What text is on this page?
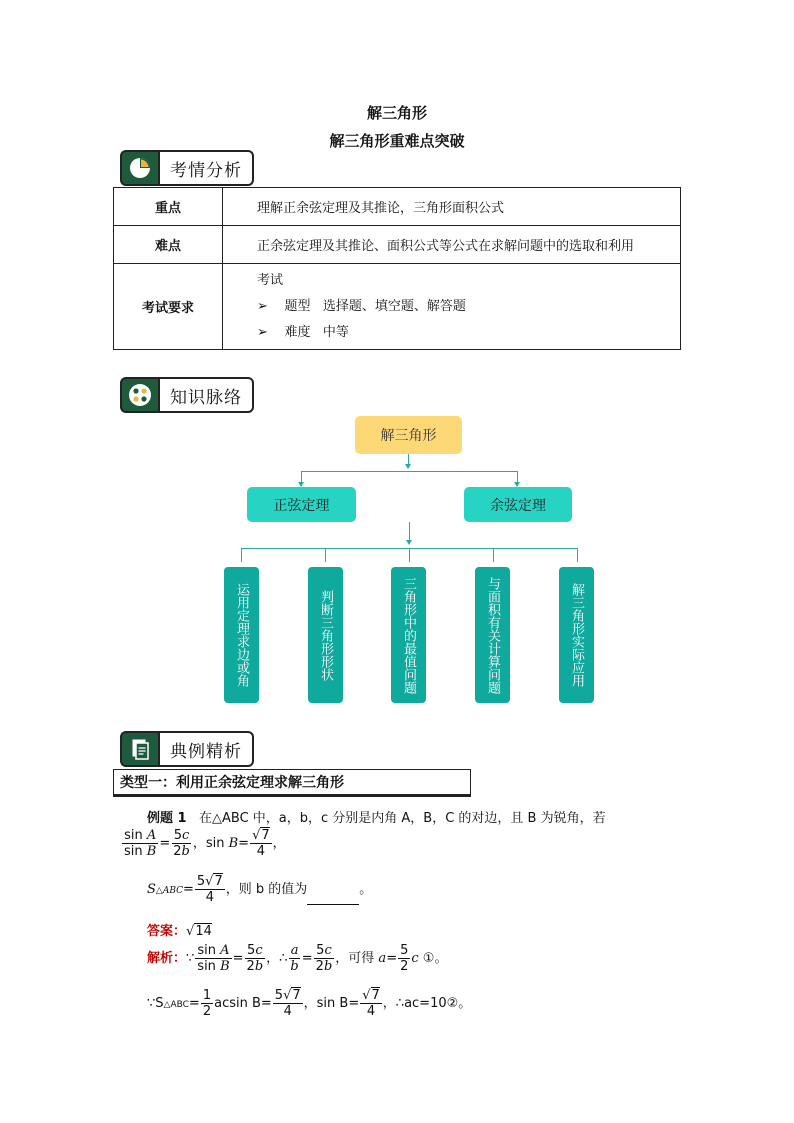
解三角形
解三角形重难点突破
考情分析
重点	理解正余弦定理及其推论，三角形面积公式
难点	正余弦定理及其推论、面积公式等公式在求解问题中的选取和利用
考试要求	考试
➢ 题型 选择题、填空题、解答题
➢ 难度 中等
知识脉络
解三角形
正弦定理	余弦定理
运用定理求边或角	判断三角形形状	三角形中的最值问题	与面积有关计算问题	解三角形实际应用
典例精析
类型一：利用正余弦定理求解三角形
例题 1 在△ABC 中，a，b，c 分别是内角 A，B，C 的对边，且 B 为锐角，若
$\frac{\text{sin A}}{\text{sin B}} = \frac{5c}{2b}$ ，$\sin B= \frac{√7}{4}$ ，
S△ABC= $\frac{5√7}{4}$ ，则 b 的值为	。
答案：√14
解析：∵ $\frac{\text{sin A}}{\text{sin B}} = \frac{5c}{2b}$ ，∴ $\frac{a}{b} = \frac{5c}{2b}$ ，可得 $a= \frac{5}{2}$ c ①。
∵S△ABC= $\frac{1}{2}$ acsin $B= \frac{5√7}{4}$ ，$\sin B= \frac{√7}{4}$ ，∴ac=10②。
